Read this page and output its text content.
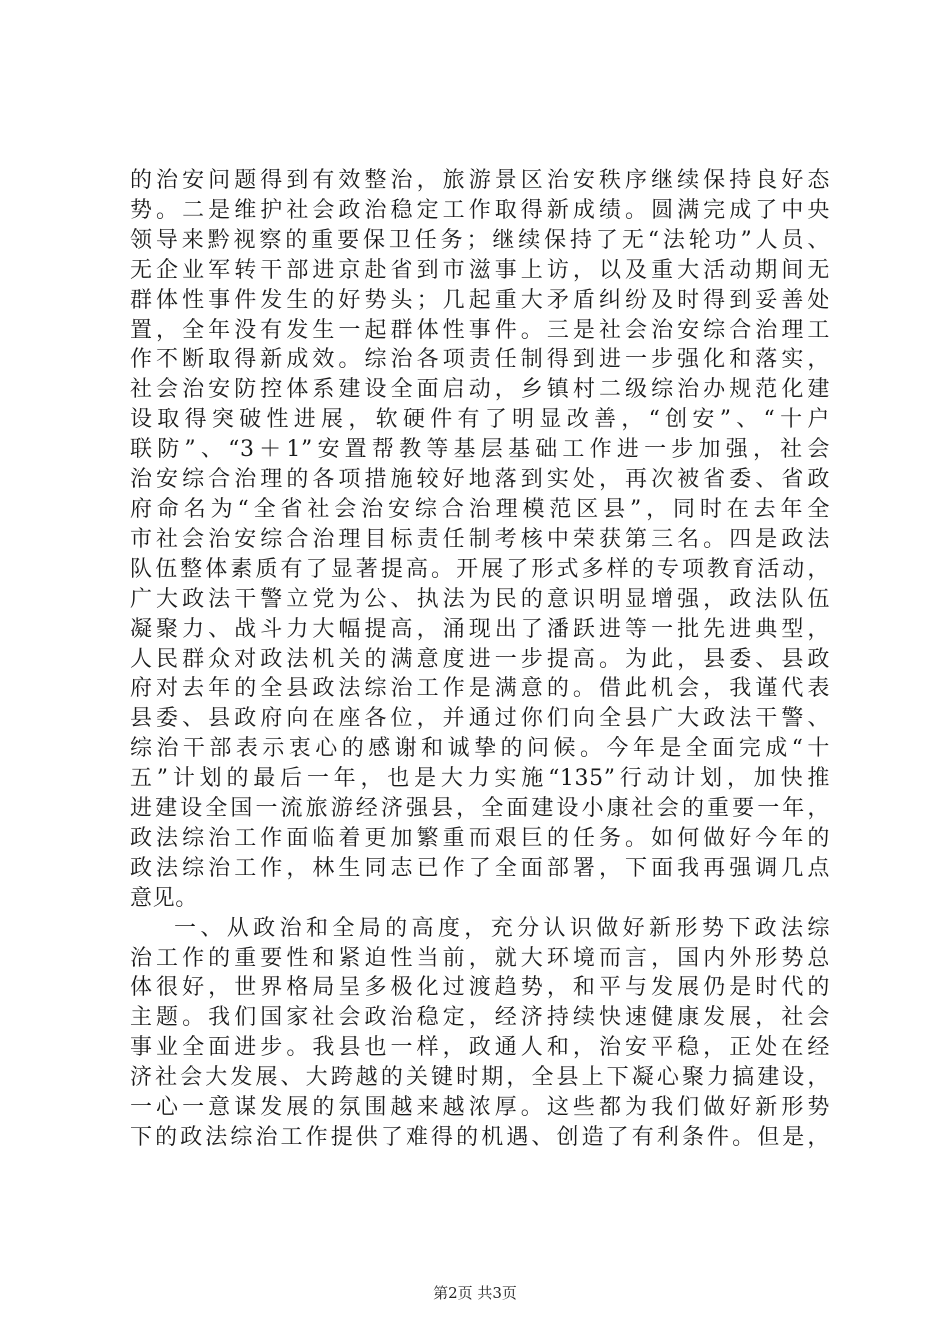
的治安问题得到有效整治，旅游景区治安秩序继续保持良好态
势。二是维护社会政治稳定工作取得新成绩。圆满完成了中央
领导来黔视察的重要保卫任务；继续保持了无“法轮功”人员、
无企业军转干部进京赴省到市滋事上访，以及重大活动期间无
群体性事件发生的好势头；几起重大矛盾纠纷及时得到妥善处
置，全年没有发生一起群体性事件。三是社会治安综合治理工
作不断取得新成效。综治各项责任制得到进一步强化和落实，
社会治安防控体系建设全面启动，乡镇村二级综治办规范化建
设取得突破性进展，软硬件有了明显改善，“创安”、“十户
联防”、“3＋1”安置帮教等基层基础工作进一步加强，社会
治安综合治理的各项措施较好地落到实处，再次被省委、省政
府命名为“全省社会治安综合治理模范区县”，同时在去年全
市社会治安综合治理目标责任制考核中荣获第三名。四是政法
队伍整体素质有了显著提高。开展了形式多样的专项教育活动，
广大政法干警立党为公、执法为民的意识明显增强，政法队伍
凝聚力、战斗力大幅提高，涌现出了潘跃进等一批先进典型，
人民群众对政法机关的满意度进一步提高。为此，县委、县政
府对去年的全县政法综治工作是满意的。借此机会，我谨代表
县委、县政府向在座各位，并通过你们向全县广大政法干警、
综治干部表示衷心的感谢和诚挚的问候。今年是全面完成“十
五”计划的最后一年，也是大力实施“135”行动计划，加快推
进建设全国一流旅游经济强县，全面建设小康社会的重要一年，
政法综治工作面临着更加繁重而艰巨的任务。如何做好今年的
政法综治工作，林生同志已作了全面部署，下面我再强调几点
意见。
一、从政治和全局的高度，充分认识做好新形势下政法综
治工作的重要性和紧迫性当前，就大环境而言，国内外形势总
体很好，世界格局呈多极化过渡趋势，和平与发展仍是时代的
主题。我们国家社会政治稳定，经济持续快速健康发展，社会
事业全面进步。我县也一样，政通人和，治安平稳，正处在经
济社会大发展、大跨越的关键时期，全县上下凝心聚力搞建设，
一心一意谋发展的氛围越来越浓厚。这些都为我们做好新形势
下的政法综治工作提供了难得的机遇、创造了有利条件。但是，
第2页 共3页
